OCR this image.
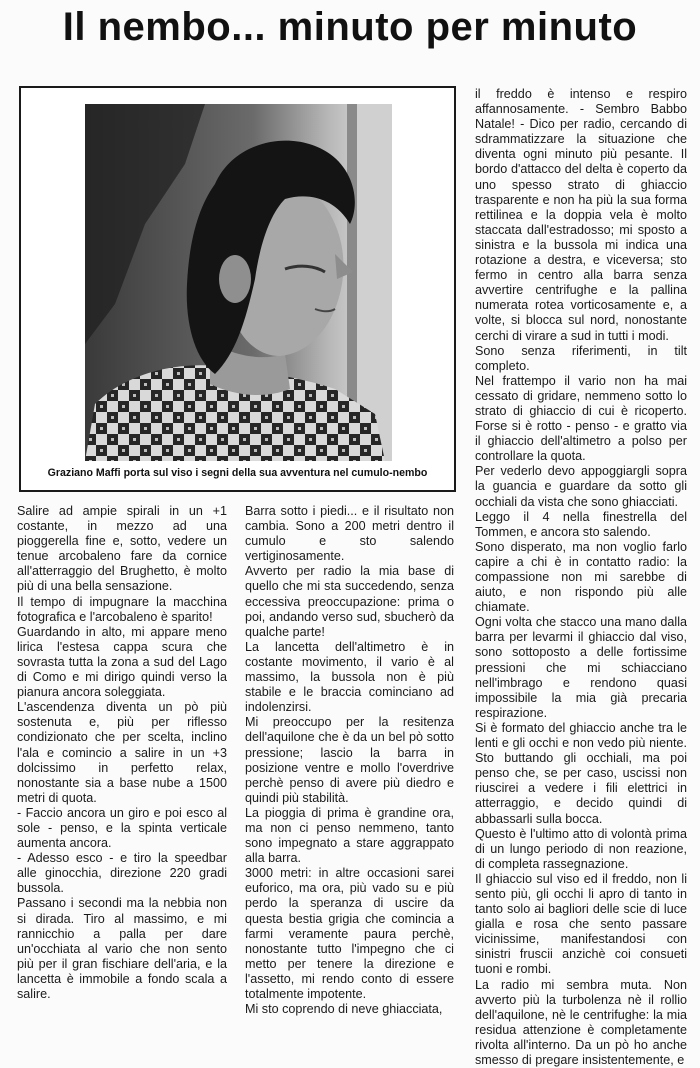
Il nembo... minuto per minuto
Graziano Maffi porta sul viso i segni della sua avventura nel cumulo-nembo

Salire ad ampie spirali in un +1 costante, in mezzo ad una pioggerella fine e, sotto, vedere un tenue arcobaleno fare da cornice all'atterraggio del Brughetto, è molto più di una bella sensazione.

Il tempo di impugnare la macchina fotografica e l'arcobaleno è sparito!

Guardando in alto, mi appare meno lirica l'estesa cappa scura che sovrasta tutta la zona a sud del Lago di Como e mi dirigo quindi verso la pianura ancora soleggiata.

L'ascendenza diventa un pò più sostenuta e, più per riflesso condizionato che per scelta, inclino l'ala e comincio a salire in un +3 dolcissimo in perfetto relax, nonostante sia a base nube a 1500 metri di quota.

- Faccio ancora un giro e poi esco al sole - penso, e la spinta verticale aumenta ancora.

- Adesso esco - e tiro la speedbar alle ginocchia, direzione 220 gradi bussola.

Passano i secondi ma la nebbia non si dirada. Tiro al massimo, e mi rannicchio a palla per dare un'occhiata al vario che non sento più per il gran fischiare dell'aria, e la lancetta è immobile a fondo scala a salire.

Barra sotto i piedi... e il risultato non cambia. Sono a 200 metri dentro il cumulo e sto salendo vertiginosamente.

Avverto per radio la mia base di quello che mi sta succedendo, senza eccessiva preoccupazione: prima o poi, andando verso sud, sbucherò da qualche parte!

La lancetta dell'altimetro è in costante movimento, il vario è al massimo, la bussola non è più stabile e le braccia cominciano ad indolenzirsi.

Mi preoccupo per la resitenza dell'aquilone che è da un bel pò sotto pressione; lascio la barra in posizione ventre e mollo l'overdrive perchè penso di avere più diedro e quindi più stabilità.

La pioggia di prima è grandine ora, ma non ci penso nemmeno, tanto sono impegnato a stare aggrappato alla barra.

3000 metri: in altre occasioni sarei euforico, ma ora, più vado su e più perdo la speranza di uscire da questa bestia grigia che comincia a farmi veramente paura perchè, nonostante tutto l'impegno che ci metto per tenere la direzione e l'assetto, mi rendo conto di essere totalmente impotente.

Mi sto coprendo di neve ghiacciata,

il freddo è intenso e respiro affannosamente. - Sembro Babbo Natale! - Dico per radio, cercando di sdrammatizzare la situazione che diventa ogni minuto più pesante. Il bordo d'attacco del delta è coperto da uno spesso strato di ghiaccio trasparente e non ha più la sua forma rettilinea e la doppia vela è molto staccata dall'estradosso; mi sposto a sinistra e la bussola mi indica una rotazione a destra, e viceversa; sto fermo in centro alla barra senza avvertire centrifughe e la pallina numerata rotea vorticosamente e, a volte, si blocca sul nord, nonostante cerchi di virare a sud in tutti i modi.

Sono senza riferimenti, in tilt completo.

Nel frattempo il vario non ha mai cessato di gridare, nemmeno sotto lo strato di ghiaccio di cui è ricoperto. Forse si è rotto - penso - e gratto via il ghiaccio dell'altimetro a polso per controllare la quota.

Per vederlo devo appoggiargli sopra la guancia e guardare da sotto gli occhiali da vista che sono ghiacciati.

Leggo il 4 nella finestrella del Tommen, e ancora sto salendo.

Sono disperato, ma non voglio farlo capire a chi è in contatto radio: la compassione non mi sarebbe di aiuto, e non rispondo più alle chiamate.

Ogni volta che stacco una mano dalla barra per levarmi il ghiaccio dal viso, sono sottoposto a delle fortissime pressioni che mi schiacciano nell'imbrago e rendono quasi impossibile la mia già precaria respirazione.

Si è formato del ghiaccio anche tra le lenti e gli occhi e non vedo più niente. Sto buttando gli occhiali, ma poi penso che, se per caso, uscissi non riuscirei a vedere i fili elettrici in atterraggio, e decido quindi di abbassarli sulla bocca.

Questo è l'ultimo atto di volontà prima di un lungo periodo di non reazione, di completa rassegnazione.

Il ghiaccio sul viso ed il freddo, non li sento più, gli occhi li apro di tanto in tanto solo ai bagliori delle scie di luce gialla e rosa che sento passare vicinissime, manifestandosi con sinistri fruscii anzichè coi consueti tuoni e rombi.

La radio mi sembra muta. Non avverto più la turbolenza nè il rollio dell'aquilone, nè le centrifughe: la mia residua attenzione è completamente rivolta all'interno. Da un pò ho anche smesso di pregare insistentemente, e
